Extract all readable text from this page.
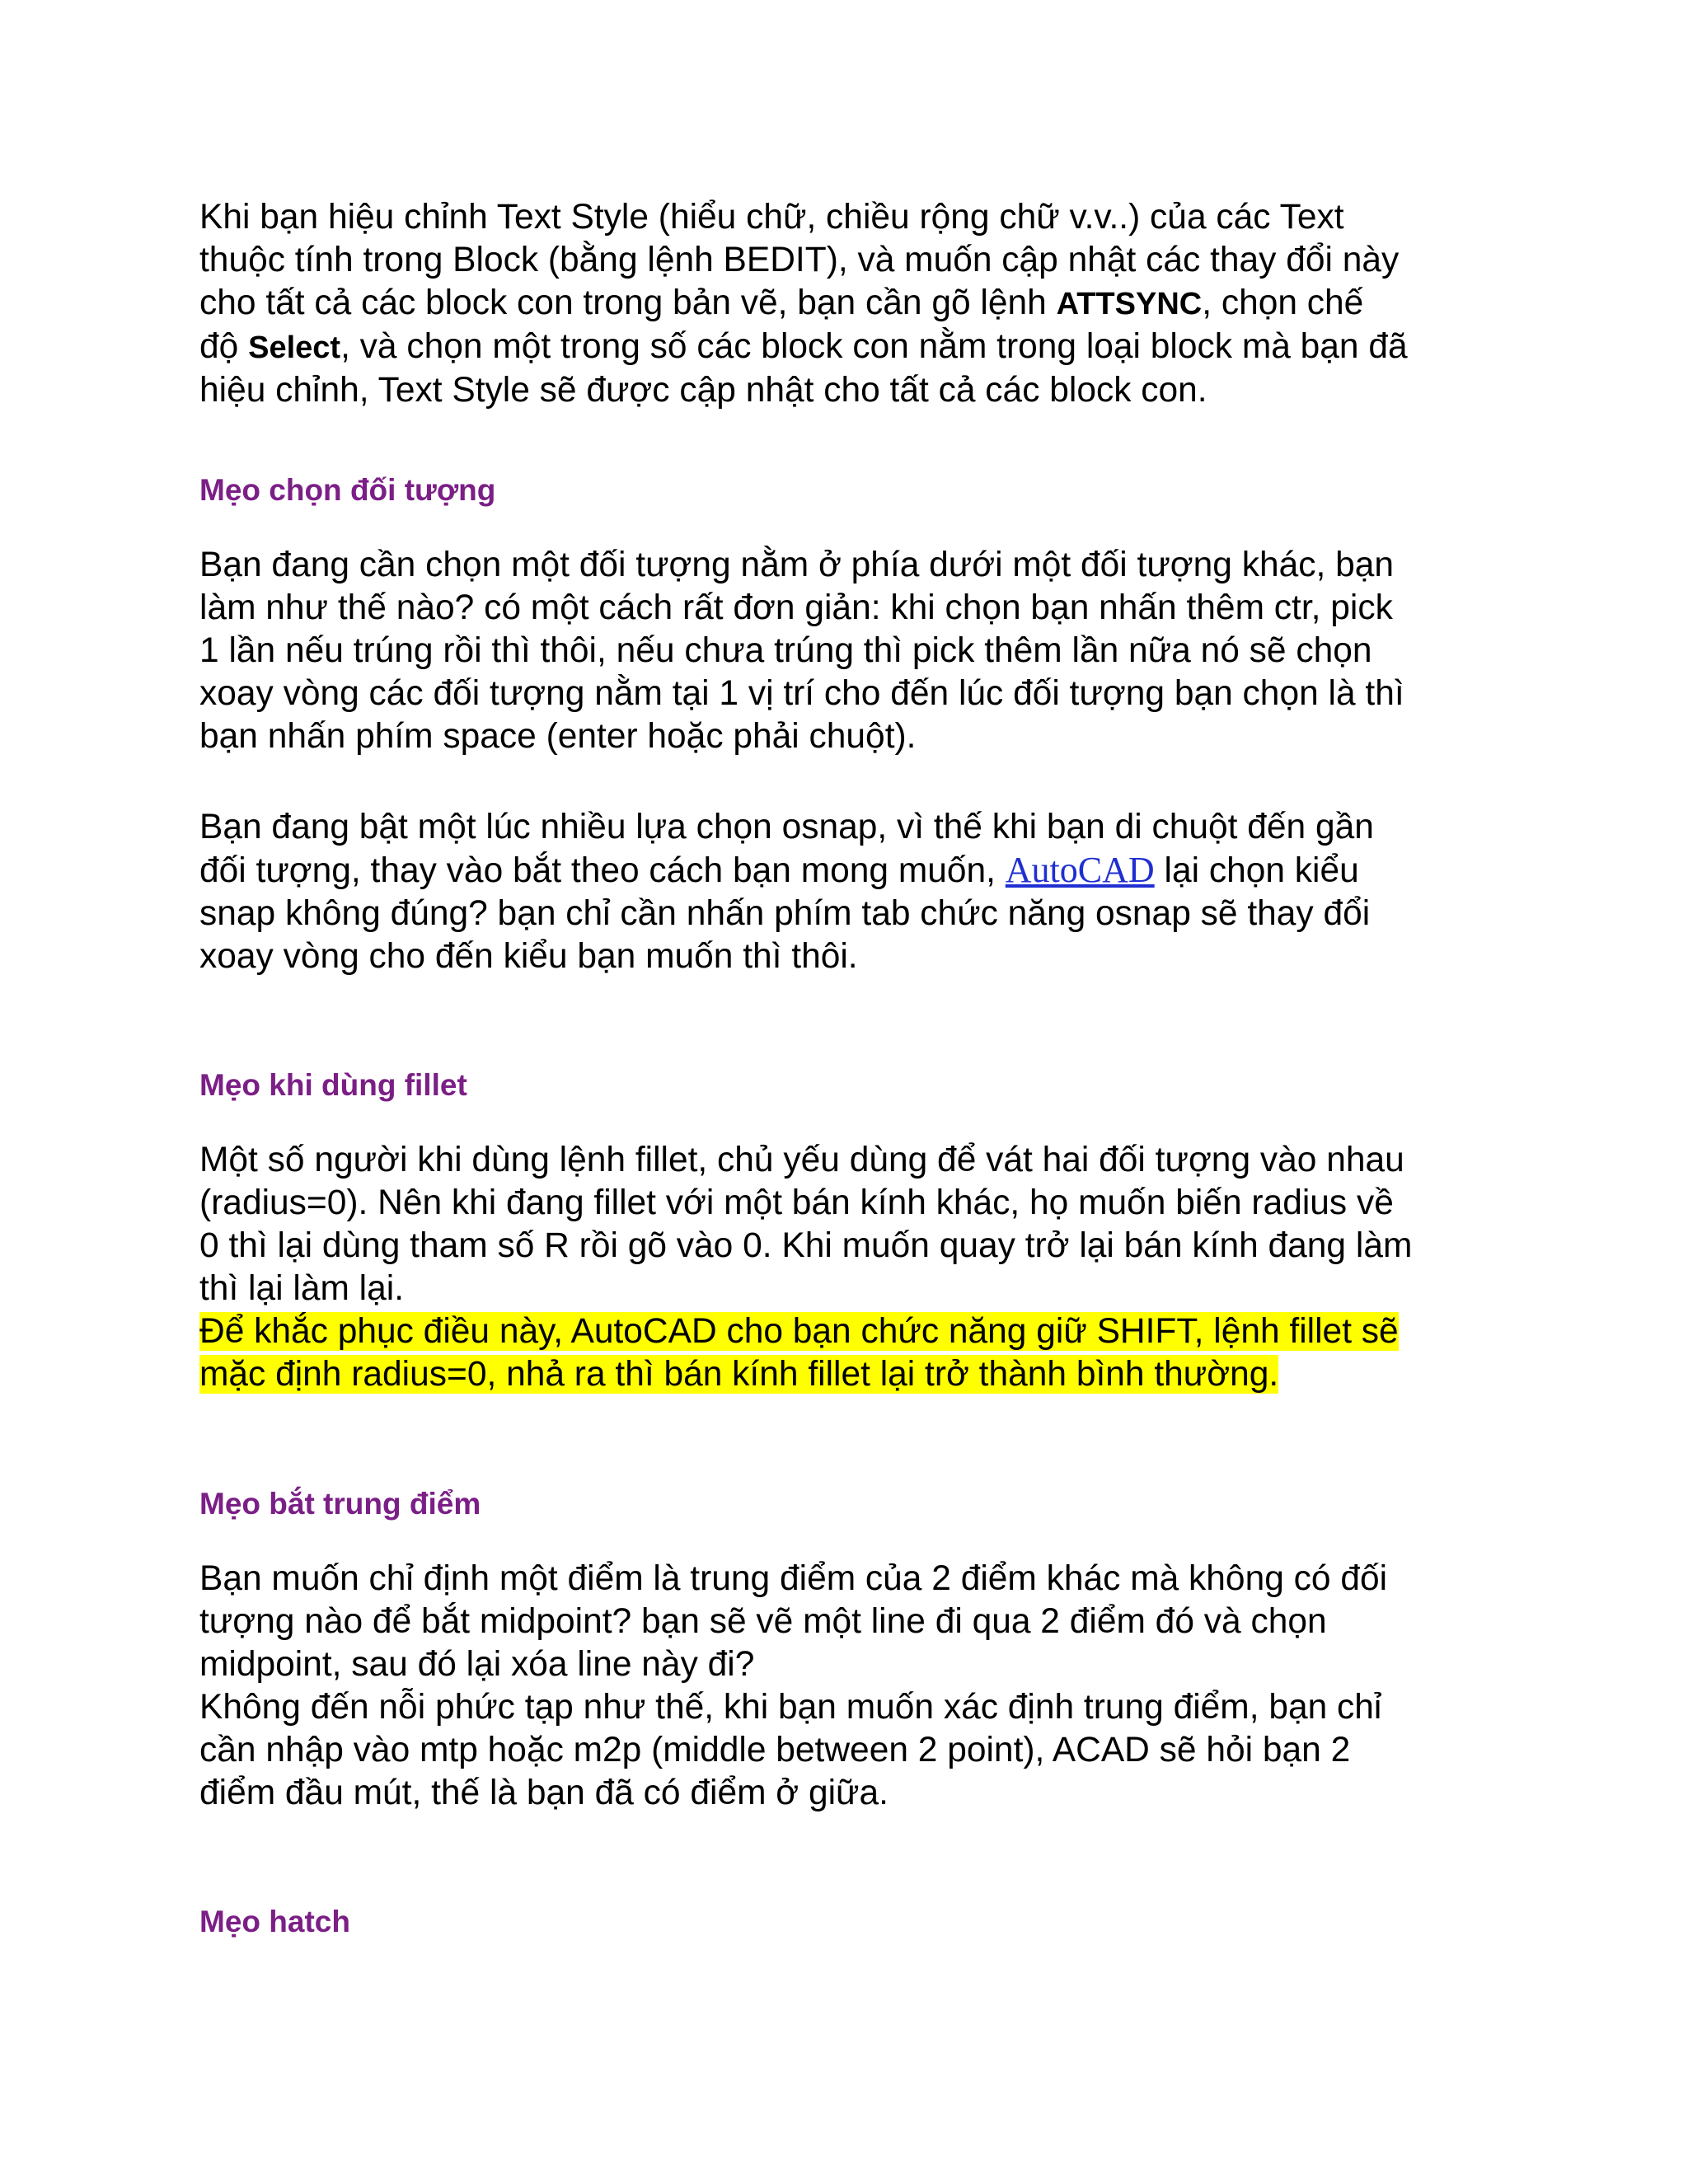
Khi bạn hiệu chỉnh Text Style (hiểu chữ, chiều rộng chữ v.v..) của các Text
thuộc tính trong Block (bằng lệnh BEDIT), và muốn cập nhật các thay đổi này
cho tất cả các block con trong bản vẽ, bạn cần gõ lệnh ATTSYNC, chọn chế
độ Select, và chọn một trong số các block con nằm trong loại block mà bạn đã
hiệu chỉnh, Text Style sẽ được cập nhật cho tất cả các block con.

Mẹo chọn đối tượng

Bạn đang cần chọn một đối tượng nằm ở phía dưới một đối tượng khác, bạn
làm như thế nào? có một cách rất đơn giản: khi chọn bạn nhấn thêm ctr, pick
1 lần nếu trúng rồi thì thôi, nếu chưa trúng thì pick thêm lần nữa nó sẽ chọn
xoay vòng các đối tượng nằm tại 1 vị trí cho đến lúc đối tượng bạn chọn là thì
bạn nhấn phím space (enter hoặc phải chuột).

Bạn đang bật một lúc nhiều lựa chọn osnap, vì thế khi bạn di chuột đến gần
đối tượng, thay vào bắt theo cách bạn mong muốn, AutoCAD lại chọn kiểu
snap không đúng? bạn chỉ cần nhấn phím tab chức năng osnap sẽ thay đổi
xoay vòng cho đến kiểu bạn muốn thì thôi.

Mẹo khi dùng fillet

Một số người khi dùng lệnh fillet, chủ yếu dùng để vát hai đối tượng vào nhau
(radius=0). Nên khi đang fillet với một bán kính khác, họ muốn biến radius về
0 thì lại dùng tham số R rồi gõ vào 0. Khi muốn quay trở lại bán kính đang làm
thì lại làm lại.
Để khắc phục điều này, AutoCAD cho bạn chức năng giữ SHIFT, lệnh fillet sẽ
mặc định radius=0, nhả ra thì bán kính fillet lại trở thành bình thường.

Mẹo bắt trung điểm

Bạn muốn chỉ định một điểm là trung điểm của 2 điểm khác mà không có đối
tượng nào để bắt midpoint? bạn sẽ vẽ một line đi qua 2 điểm đó và chọn
midpoint, sau đó lại xóa line này đi?
Không đến nỗi phức tạp như thế, khi bạn muốn xác định trung điểm, bạn chỉ
cần nhập vào mtp hoặc m2p (middle between 2 point), ACAD sẽ hỏi bạn 2
điểm đầu mút, thế là bạn đã có điểm ở giữa.

Mẹo hatch
